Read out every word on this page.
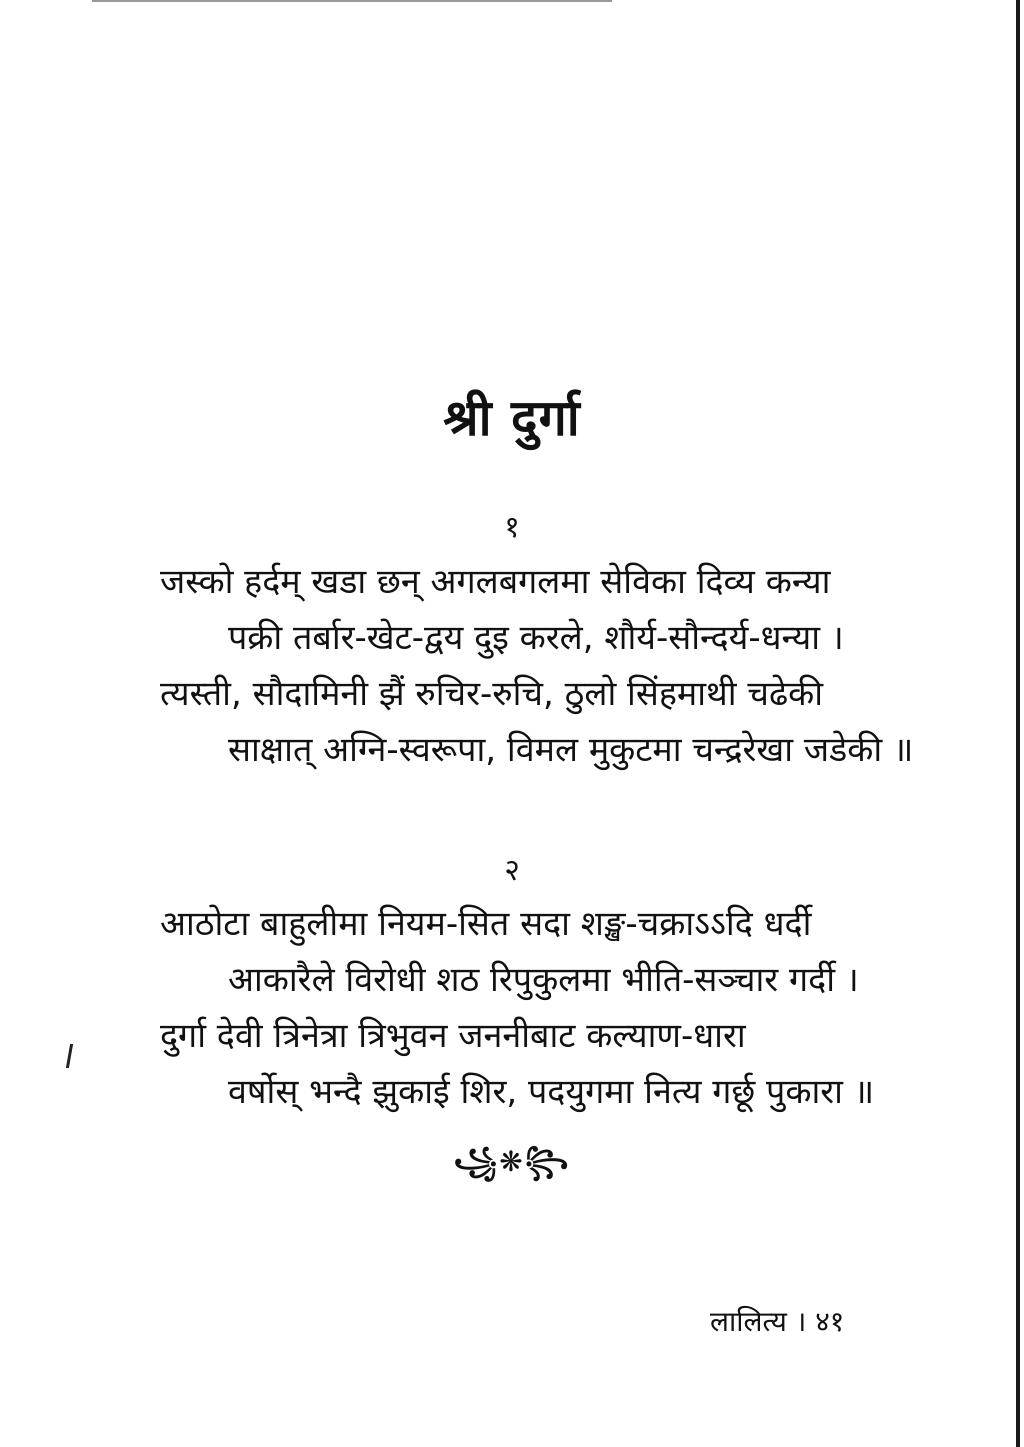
श्री दुर्गा
१
जस्को हर्दम् खडा छन् अगलबगलमा सेविका दिव्य कन्या
पक्री तर्बार-खेट-द्वय दुइ करले, शौर्य-सौन्दर्य-धन्या ।
त्यस्ती, सौदामिनी झैं रुचिर-रुचि, ठुलो सिंहमाथी चढेकी
साक्षात् अग्नि-स्वरूपा, विमल मुकुटमा चन्द्ररेखा जडेकी ॥
२
आठोटा बाहुलीमा नियम-सित सदा शङ्ख-चक्राऽऽदि धर्दी
आकारैले विरोधी शठ रिपुकुलमा भीति-सञ्चार गर्दी ।
दुर्गा देवी त्रिनेत्रा त्रिभुवन जननीबाट कल्याण-धारा
वर्षोस् भन्दै झुकाई शिर, पदयुगमा नित्य गर्छू पुकारा ॥
꧁❋꧂
लालित्य । ४१
